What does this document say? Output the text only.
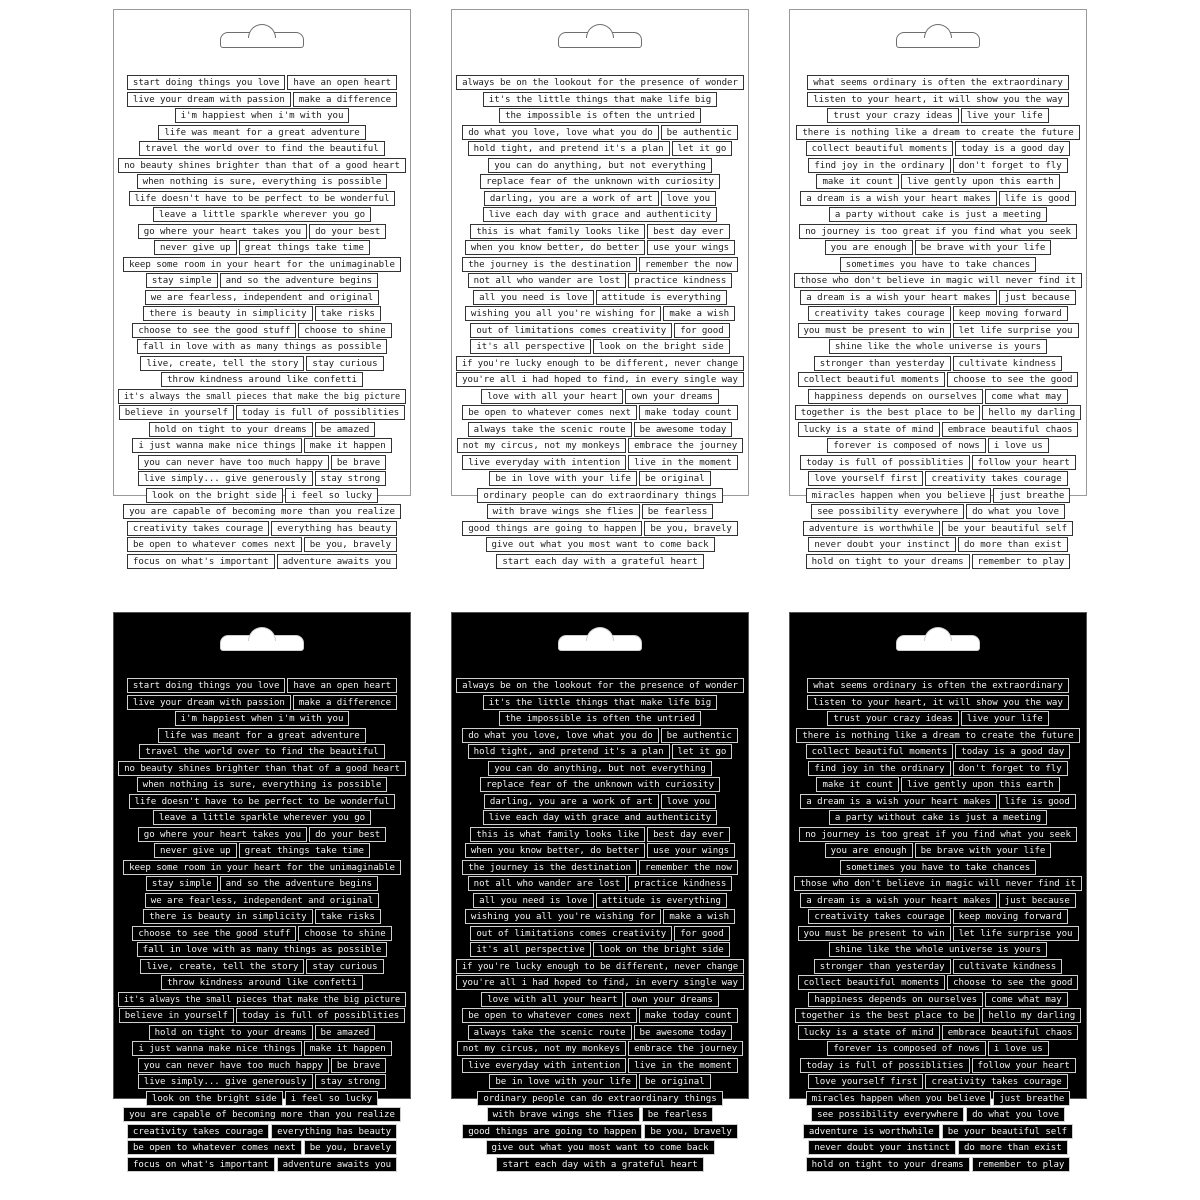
start doing things you love	have an open heart
live your dream with passion	make a difference
i'm happiest when i'm with you
life was meant for a great adventure
travel the world over to find the beautiful
no beauty shines brighter than that of a good heart
when nothing is sure, everything is possible
life doesn't have to be perfect to be wonderful
leave a little sparkle wherever you go
go where your heart takes you	do your best
never give up	great things take time
keep some room in your heart for the unimaginable
stay simple	and so the adventure begins
we are fearless, independent and original
there is beauty in simplicity	take risks
choose to see the good stuff	choose to shine
fall in love with as many things as possible
live, create, tell the story	stay curious
throw kindness around like confetti
it's always the small pieces that make the big picture
believe in yourself	today is full of possiblities
hold on tight to your dreams	be amazed
i just wanna make nice things	make it happen
you can never have too much happy	be brave
live simply... give generously	stay strong
look on the bright side	i feel so lucky
you are capable of becoming more than you realize
creativity takes courage	everything has beauty
be open to whatever comes next	be you, bravely
focus on what's important	adventure awaits you
always be on the lookout for the presence of wonder
it's the little things that make life big
the impossible is often the untried
do what you love, love what you do	be authentic
hold tight, and pretend it's a plan	let it go
you can do anything, but not everything
replace fear of the unknown with curiosity
darling, you are a work of art	love you
live each day with grace and authenticity
this is what family looks like	best day ever
when you know better, do better	use your wings
the journey is the destination	remember the now
not all who wander are lost	practice kindness
all you need is love	attitude is everything
wishing you all you're wishing for	make a wish
out of limitations comes creativity	for good
it's all perspective	look on the bright side
if you're lucky enough to be different, never change
you're all i had hoped to find, in every single way
love with all your heart	own your dreams
be open to whatever comes next	make today count
always take the scenic route	be awesome today
not my circus, not my monkeys	embrace the journey
live everyday with intention	live in the moment
be in love with your life	be original
ordinary people can do extraordinary things
with brave wings she flies	be fearless
good things are going to happen	be you, bravely
give out what you most want to come back
start each day with a grateful heart
what seems ordinary is often the extraordinary
listen to your heart, it will show you the way
trust your crazy ideas	live your life
there is nothing like a dream to create the future
collect beautiful moments	today is a good day
find joy in the ordinary	don't forget to fly
make it count	live gently upon this earth
a dream is a wish your heart makes	life is good
a party without cake is just a meeting
no journey is too great if you find what you seek
you are enough	be brave with your life
sometimes you have to take chances
those who don't believe in magic will never find it
a dream is a wish your heart makes	just because
creativity takes courage	keep moving forward
you must be present to win	let life surprise you
shine like the whole universe is yours
stronger than yesterday	cultivate kindness
collect beautiful moments	choose to see the good
happiness depends on ourselves	come what may
together is the best place to be	hello my darling
lucky is a state of mind	embrace beautiful chaos
forever is composed of nows	i love us
today is full of possiblities	follow your heart
love yourself first	creativity takes courage
miracles happen when you believe	just breathe
see possibility everywhere	do what you love
adventure is worthwhile	be your beautiful self
never doubt your instinct	do more than exist
hold on tight to your dreams	remember to play
start doing things you love	have an open heart
live your dream with passion	make a difference
i'm happiest when i'm with you
life was meant for a great adventure
travel the world over to find the beautiful
no beauty shines brighter than that of a good heart
when nothing is sure, everything is possible
life doesn't have to be perfect to be wonderful
leave a little sparkle wherever you go
go where your heart takes you	do your best
never give up	great things take time
keep some room in your heart for the unimaginable
stay simple	and so the adventure begins
we are fearless, independent and original
there is beauty in simplicity	take risks
choose to see the good stuff	choose to shine
fall in love with as many things as possible
live, create, tell the story	stay curious
throw kindness around like confetti
it's always the small pieces that make the big picture
believe in yourself	today is full of possiblities
hold on tight to your dreams	be amazed
i just wanna make nice things	make it happen
you can never have too much happy	be brave
live simply... give generously	stay strong
look on the bright side	i feel so lucky
you are capable of becoming more than you realize
creativity takes courage	everything has beauty
be open to whatever comes next	be you, bravely
focus on what's important	adventure awaits you
always be on the lookout for the presence of wonder
it's the little things that make life big
the impossible is often the untried
do what you love, love what you do	be authentic
hold tight, and pretend it's a plan	let it go
you can do anything, but not everything
replace fear of the unknown with curiosity
darling, you are a work of art	love you
live each day with grace and authenticity
this is what family looks like	best day ever
when you know better, do better	use your wings
the journey is the destination	remember the now
not all who wander are lost	practice kindness
all you need is love	attitude is everything
wishing you all you're wishing for	make a wish
out of limitations comes creativity	for good
it's all perspective	look on the bright side
if you're lucky enough to be different, never change
you're all i had hoped to find, in every single way
love with all your heart	own your dreams
be open to whatever comes next	make today count
always take the scenic route	be awesome today
not my circus, not my monkeys	embrace the journey
live everyday with intention	live in the moment
be in love with your life	be original
ordinary people can do extraordinary things
with brave wings she flies	be fearless
good things are going to happen	be you, bravely
give out what you most want to come back
start each day with a grateful heart
what seems ordinary is often the extraordinary
listen to your heart, it will show you the way
trust your crazy ideas	live your life
there is nothing like a dream to create the future
collect beautiful moments	today is a good day
find joy in the ordinary	don't forget to fly
make it count	live gently upon this earth
a dream is a wish your heart makes	life is good
a party without cake is just a meeting
no journey is too great if you find what you seek
you are enough	be brave with your life
sometimes you have to take chances
those who don't believe in magic will never find it
a dream is a wish your heart makes	just because
creativity takes courage	keep moving forward
you must be present to win	let life surprise you
shine like the whole universe is yours
stronger than yesterday	cultivate kindness
collect beautiful moments	choose to see the good
happiness depends on ourselves	come what may
together is the best place to be	hello my darling
lucky is a state of mind	embrace beautiful chaos
forever is composed of nows	i love us
today is full of possiblities	follow your heart
love yourself first	creativity takes courage
miracles happen when you believe	just breathe
see possibility everywhere	do what you love
adventure is worthwhile	be your beautiful self
never doubt your instinct	do more than exist
hold on tight to your dreams	remember to play
